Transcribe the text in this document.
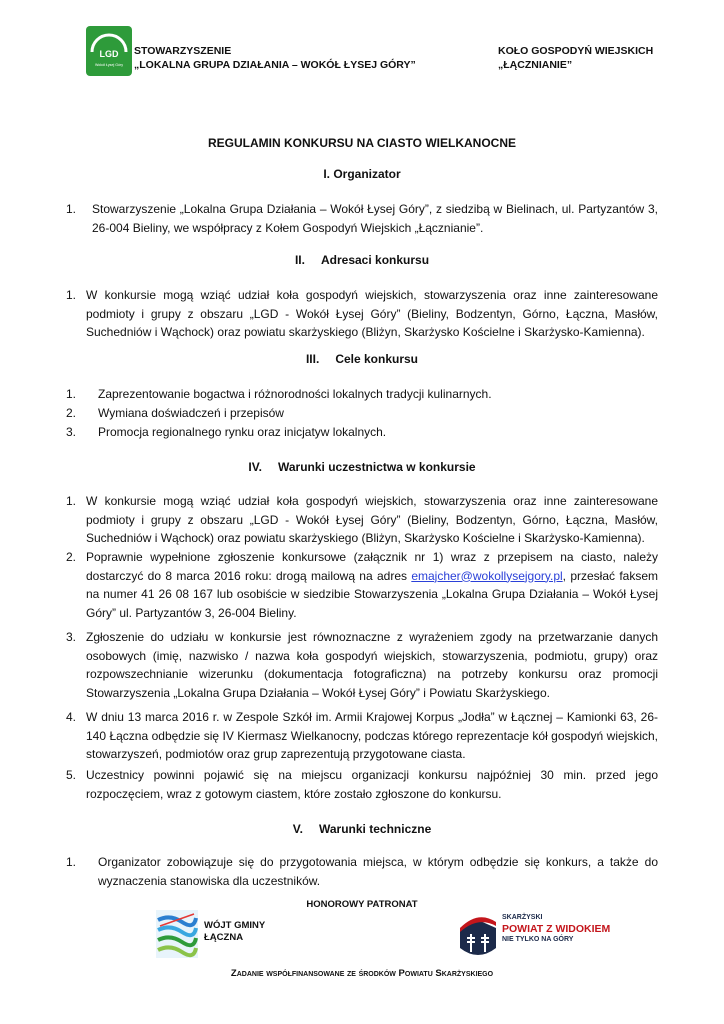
LGD
Wokół Łysej Góry
STOWARZYSZENIE
„LOKALNA GRUPA DZIAŁANIA – WOKÓŁ ŁYSEJ GÓRY”
KOŁO GOSPODYŃ WIEJSKICH
„ŁĄCZNIANIE”
REGULAMIN KONKURSU NA CIASTO WIELKANOCNE
I. Organizator
1.	Stowarzyszenie „Lokalna Grupa Działania – Wokół Łysej Góry”, z siedzibą w Bielinach, ul. Partyzantów 3, 26-004 Bieliny, we współpracy z Kołem Gospodyń Wiejskich „Łącznianie”.
II. Adresaci konkursu
1. W konkursie mogą wziąć udział koła gospodyń wiejskich, stowarzyszenia oraz inne zainteresowane podmioty i grupy z obszaru „LGD - Wokół Łysej Góry” (Bieliny, Bodzentyn, Górno, Łączna, Masłów, Suchedniów i Wąchock) oraz powiatu skarżyskiego (Bliżyn, Skarżysko Kościelne i Skarżysko-Kamienna).
III. Cele konkursu
1. Zaprezentowanie bogactwa i różnorodności lokalnych tradycji kulinarnych.
2. Wymiana doświadczeń i przepisów
3. Promocja regionalnego rynku oraz inicjatyw lokalnych.
IV. Warunki uczestnictwa w konkursie
1. W konkursie mogą wziąć udział koła gospodyń wiejskich, stowarzyszenia oraz inne zainteresowane podmioty i grupy z obszaru „LGD - Wokół Łysej Góry” (Bieliny, Bodzentyn, Górno, Łączna, Masłów, Suchedniów i Wąchock) oraz powiatu skarżyskiego (Bliżyn, Skarżysko Kościelne i Skarżysko-Kamienna).
2. Poprawnie wypełnione zgłoszenie konkursowe (załącznik nr 1) wraz z przepisem na ciasto, należy dostarczyć do 8 marca 2016 roku: drogą mailową na adres emajcher@wokollysejgory.pl, przesłać faksem na numer 41 26 08 167 lub osobiście w siedzibie Stowarzyszenia „Lokalna Grupa Działania – Wokół Łysej Góry” ul. Partyzantów 3, 26-004 Bieliny.
3. Zgłoszenie do udziału w konkursie jest równoznaczne z wyrażeniem zgody na przetwarzanie danych osobowych (imię, nazwisko / nazwa koła gospodyń wiejskich, stowarzyszenia, podmiotu, grupy) oraz rozpowszechnianie wizerunku (dokumentacja fotograficzna) na potrzeby konkursu oraz promocji Stowarzyszenia „Lokalna Grupa Działania – Wokół Łysej Góry” i Powiatu Skarżyskiego.
4. W dniu 13 marca 2016 r. w Zespole Szkół im. Armii Krajowej Korpus „Jodła” w Łącznej – Kamionki 63, 26-140 Łączna odbędzie się IV Kiermasz Wielkanocny, podczas którego reprezentacje kół gospodyń wiejskich, stowarzyszeń, podmiotów oraz grup zaprezentują przygotowane ciasta.
5. Uczestnicy powinni pojawić się na miejscu organizacji konkursu najpóźniej 30 min. przed jego rozpoczęciem, wraz z gotowym ciastem, które zostało zgłoszone do konkursu.
V. Warunki techniczne
1.	Organizator zobowiązuje się do przygotowania miejsca, w którym odbędzie się konkurs, a także do wyznaczenia stanowiska dla uczestników.
HONOROWY PATRONAT
WÓJT GMINY
ŁĄCZNA
SKARŻYSKI
POWIAT Z WIDOKIEM
NIE TYLKO NA GÓRY
Zadanie współfinansowane ze środków Powiatu Skarżyskiego
